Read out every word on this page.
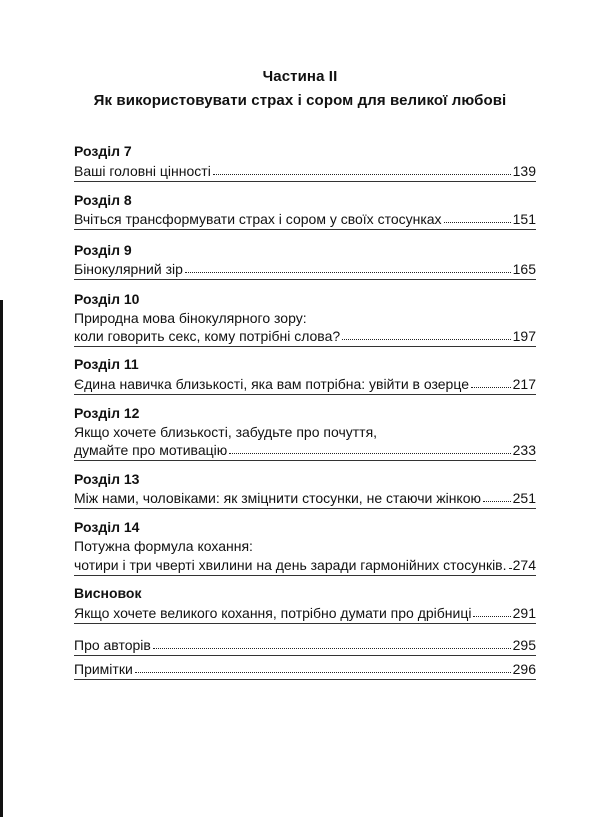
Частина II
Як використовувати страх і сором для великої любові
Розділ 7
Ваші головні цінності	139
Розділ 8
Вчіться трансформувати страх і сором у своїх стосунках	151
Розділ 9
Бінокулярний зір	165
Розділ 10
Природна мова бінокулярного зору:
коли говорить секс, кому потрібні слова?	197
Розділ 11
Єдина навичка близькості, яка вам потрібна: увійти в озерце	217
Розділ 12
Якщо хочете близькості, забудьте про почуття,
думайте про мотивацію	233
Розділ 13
Між нами, чоловіками: як зміцнити стосунки, не стаючи жінкою 251
Розділ 14
Потужна формула кохання:
чотири і три чверті хвилини на день заради гармонійних стосунків. 274
Висновок
Якщо хочете великого кохання, потрібно думати про дрібниці	291
Про авторів	295
Примітки	296
